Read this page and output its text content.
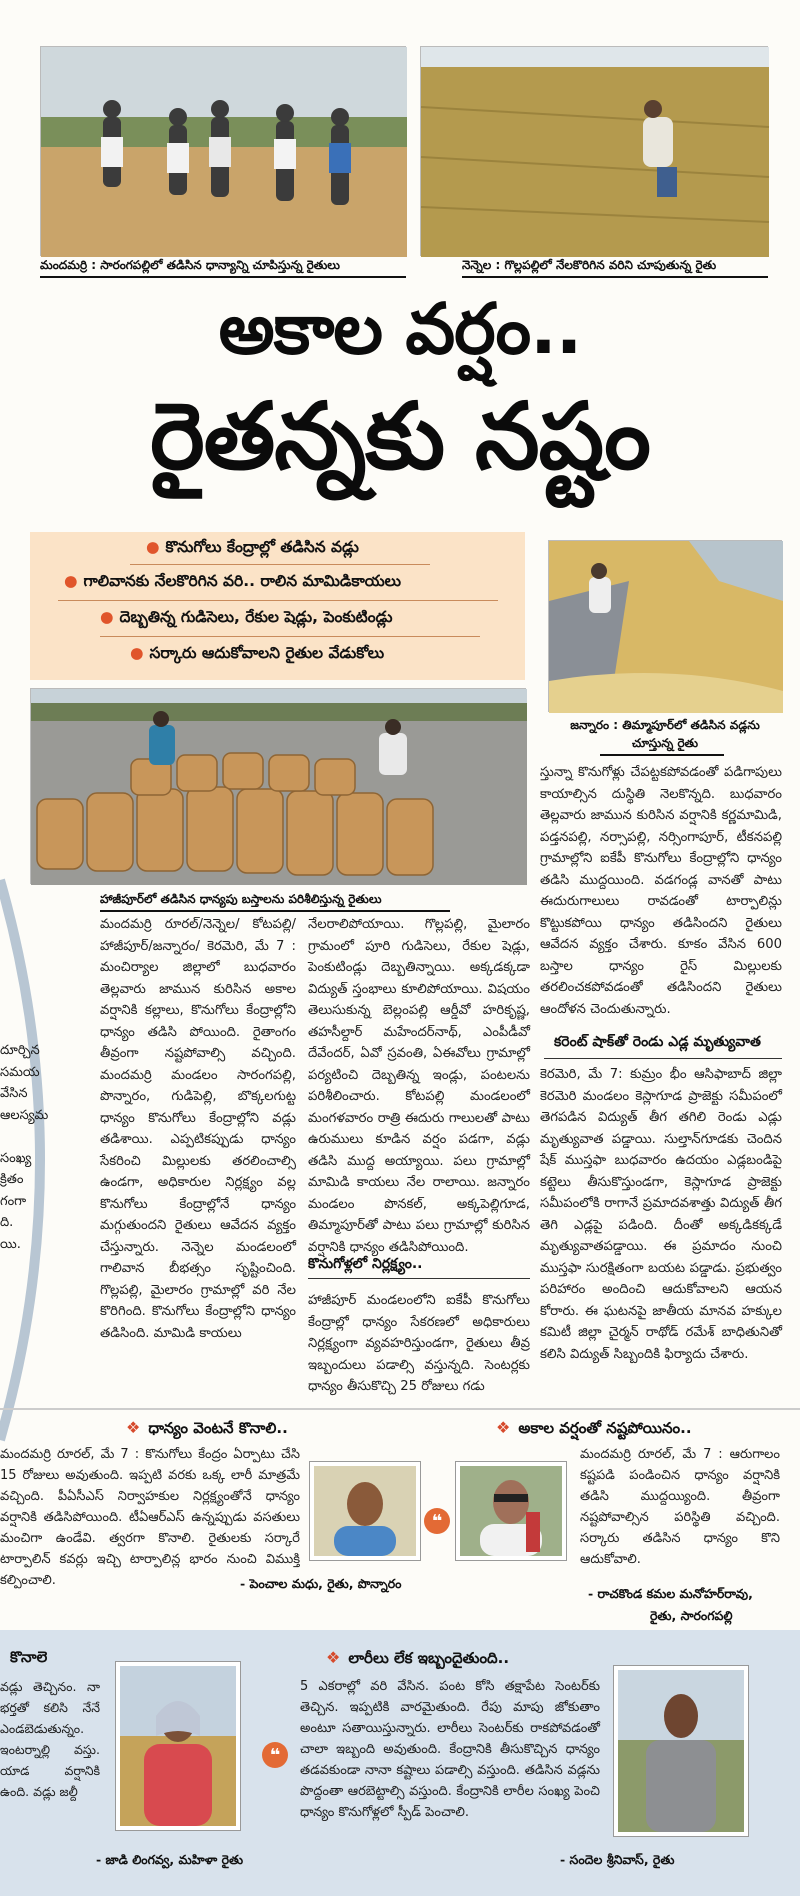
మందమర్రి : సారంగపల్లిలో తడిసిన ధాన్యాన్ని చూపిస్తున్న రైతులు	నెన్నెల : గొల్లపల్లిలో నేలకొరిగిన వరిని చూపుతున్న రైతు
అకాల వర్షం..
రైతన్నకు నష్టం
● కొనుగోలు కేంద్రాల్లో తడిసిన వడ్లు
● గాలివానకు నేలకొరిగిన వరి.. రాలిన మామిడికాయలు
● దెబ్బతిన్న గుడిసెలు, రేకుల షెడ్లు, పెంకుటిండ్లు
● సర్కారు ఆదుకోవాలని రైతుల వేడుకోలు
జన్నారం : తిమ్మాపూర్‌లో తడిసిన వడ్లను
చూస్తున్న రైతు
హాజీపూర్‌లో తడిసిన ధాన్యపు బస్తాలను పరిశీలిస్తున్న రైతులు
దూర్చిన
సమయ
వేసిన
ఆలస్యమ
సంఖ్య
క్రితం
గంగా
ది.
యి.
మందమర్రి రూరల్‌/నెన్నెల/ కోటపల్లి/హాజీపూర్‌/జన్నారం/ కెరమెరి, మే 7 : మంచిర్యాల జిల్లాలో బుధవారం తెల్లవారు జామున కురిసిన అకాల వర్షానికి కల్లాలు, కొనుగోలు కేంద్రాల్లోని ధాన్యం తడిసి పోయింది. రైతాంగం తీవ్రంగా నష్టపోవాల్సి వచ్చింది. మందమర్రి మండలం సారంగపల్లి, పొన్నారం, గుడిపెల్లి, బొక్కలగుట్ట ధాన్యం కొనుగోలు కేంద్రాల్లోని వడ్లు తడిశాయి. ఎప్పటికప్పుడు ధాన్యం సేకరించి మిల్లులకు తరలించాల్సి ఉండగా, అధికారుల నిర్లక్ష్యం వల్ల కొనుగోలు కేంద్రాల్లోనే ధాన్యం మగ్గుతుందని రైతులు ఆవేదన వ్యక్తం చేస్తున్నారు. నెన్నెల మండలంలో గాలివాన బీభత్సం సృష్టించింది. గొల్లపల్లి, మైలారం గ్రామాల్లో వరి నేల కొరిగింది. కొనుగోలు కేంద్రాల్లోని ధాన్యం తడిసింది. మామిడి కాయలు
నేలరాలిపోయాయి. గొల్లపల్లి, మైలారం గ్రామంలో పూరి గుడిసెలు, రేకుల షెడ్లు, పెంకుటిండ్లు దెబ్బతిన్నాయి. అక్కడక్కడా విద్యుత్‌ స్తంభాలు కూలిపోయాయి. విషయం తెలుసుకున్న బెల్లంపల్లి ఆర్డీవో హరికృష్ణ, తహసీల్దార్‌ మహేందర్‌నాథ్‌, ఎంపీడీవో దేవేందర్‌, ఏవో స్రవంతి, ఏఈవోలు గ్రామాల్లో పర్యటించి దెబ్బతిన్న ఇండ్లు, పంటలను పరిశీలించారు. కోటపల్లి మండలంలో మంగళవారం రాత్రి ఈదురు గాలులతో పాటు ఉరుములు కూడిన వర్షం పడగా, వడ్లు తడిసి ముద్ద అయ్యాయి. పలు గ్రామాల్లో మామిడి కాయలు నేల రాలాయి. జన్నారం మండలం పొనకల్‌, అక్కపెల్లిగూడ, తిమ్మాపూర్‌తో పాటు పలు గ్రామాల్లో కురిసిన వర్షానికి ధాన్యం తడిసిపోయింది.
కొనుగోళ్లలో నిర్లక్ష్యం..
హాజీపూర్‌ మండలంలోని ఐకేపీ కొనుగోలు కేంద్రాల్లో ధాన్యం సేకరణలో అధికారులు నిర్లక్ష్యంగా వ్యవహరిస్తుండగా, రైతులు తీవ్ర ఇబ్బందులు పడాల్సి వస్తున్నది. సెంటర్లకు ధాన్యం తీసుకొచ్చి 25 రోజులు గడు
స్తున్నా కొనుగోళ్లు చేపట్టకపోవడంతో పడిగాపులు కాయాల్సిన దుస్థితి నెలకొన్నది. బుధవారం తెల్లవారు జామున కురిసిన వర్షానికి కర్ణమామిడి, పడ్తనపల్లి, నర్సాపల్లి, నర్సింగాపూర్‌, టీకనపల్లి గ్రామాల్లోని ఐకేపీ కొనుగోలు కేంద్రాల్లోని ధాన్యం తడిసి ముద్దయింది. వడగండ్ల వానతో పాటు ఈదురుగాలులు రావడంతో టార్పాలిన్లు కొట్టుకపోయి ధాన్యం తడిసిందని రైతులు ఆవేదన వ్యక్తం చేశారు. కూకం వేసిన 600 బస్తాల ధాన్యం రైస్‌ మిల్లులకు తరలించకపోవడంతో తడిసిందని రైతులు ఆందోళన చెందుతున్నారు.
కరెంట్‌ షాక్‌తో రెండు ఎడ్ల మృత్యువాత
కెరమెరి, మే 7: కుమ్రం భీం ఆసిఫాబాద్‌ జిల్లా కెరమెరి మండలం కెస్లాగూడ ప్రాజెక్టు సమీపంలో తెగపడిన విద్యుత్‌ తీగ తగిలి రెండు ఎడ్లు మృత్యువాత పడ్డాయి. సుల్తాన్‌గూడకు చెందిన షేక్‌ ముస్తఫా బుధవారం ఉదయం ఎడ్లబండిపై కట్టెలు తీసుకొస్తుండగా, కెస్లాగూడ ప్రాజెక్టు సమీపంలోకి రాగానే ప్రమాదవశాత్తు విద్యుత్‌ తీగ తెగి ఎడ్లపై పడింది. దీంతో అక్కడికక్కడే మృత్యువాతపడ్డాయి. ఈ ప్రమాదం నుంచి ముస్తఫా సురక్షితంగా బయట పడ్డాడు. ప్రభుత్వం పరిహారం అందించి ఆదుకోవాలని ఆయన కోరారు. ఈ ఘటనపై జాతీయ మానవ హక్కుల కమిటీ జిల్లా చైర్మన్‌ రాథోడ్‌ రమేశ్‌ బాధితునితో కలిసి విద్యుత్‌ సిబ్బందికి ఫిర్యాదు చేశారు.
❖ ధాన్యం వెంటనే కొనాలి..
మందమర్రి రూరల్‌, మే 7 : కొనుగోలు కేంద్రం ఏర్పాటు చేసి 15 రోజులు అవుతుంది. ఇప్పటి వరకు ఒక్క లారీ మాత్రమే వచ్చింది. పీఏసీఎస్‌ నిర్వాహకుల నిర్లక్ష్యంతోనే ధాన్యం వర్షానికి తడిసిపోయింది. టీఏఆర్‌ఎస్‌ ఉన్నప్పుడు వసతులు మంచిగా ఉండేవి. త్వరగా కొనాలి. రైతులకు సర్కారే టార్పాలిన్‌ కవర్లు ఇచ్చి టార్పాలిన్ల భారం నుంచి విముక్తి కల్పించాలి.
❝
- పెంచాల మధు, రైతు, పొన్నారం
❖ అకాల వర్షంతో నష్టపోయినం..
మందమర్రి రూరల్‌, మే 7 : ఆరుగాలం కష్టపడి పండించిన ధాన్యం వర్షానికి తడిసి ముద్దయ్యింది. తీవ్రంగా నష్టపోవాల్సిన పరిస్థితి వచ్చింది. సర్కారు తడిసిన ధాన్యం కొని ఆదుకోవాలి.
- రాచకొండ కమల మనోహర్‌రావు,
రైతు, సారంగపల్లి
కొనాలె
వడ్లు తెచ్చినం. నా భర్తతో కలిసి నేనే ఎండబెడుతున్నం. ఇంటర్నాల్లి వస్తు. యాడ వర్షానికి ఉంది. వడ్లు జల్దీ
❝
- జాడి లింగవ్వ, మహిళా రైతు
❖ లారీలు లేక ఇబ్బందైతుంది..
5 ఎకరాల్లో వరి వేసిన. పంట కోసి తక్షాపేట సెంటర్‌కు తెచ్చిన. ఇప్పటికి వారమైతుంది. రేపు మాపు జోకుతాం అంటూ సతాయిస్తున్నారు. లారీలు సెంటర్‌కు రాకపోవడంతో చాలా ఇబ్బంది అవుతుంది. కేంద్రానికి తీసుకొచ్చిన ధాన్యం తడవకుండా నానా కష్టాలు పడాల్సి వస్తుంది. తడిసిన వడ్లను పొద్దంతా ఆరబెట్టాల్సి వస్తుంది. కేంద్రానికి లారీల సంఖ్య పెంచి ధాన్యం కొనుగోళ్లలో స్పీడ్‌ పెంచాలి.
- సందెల శ్రీనివాస్‌, రైతు
